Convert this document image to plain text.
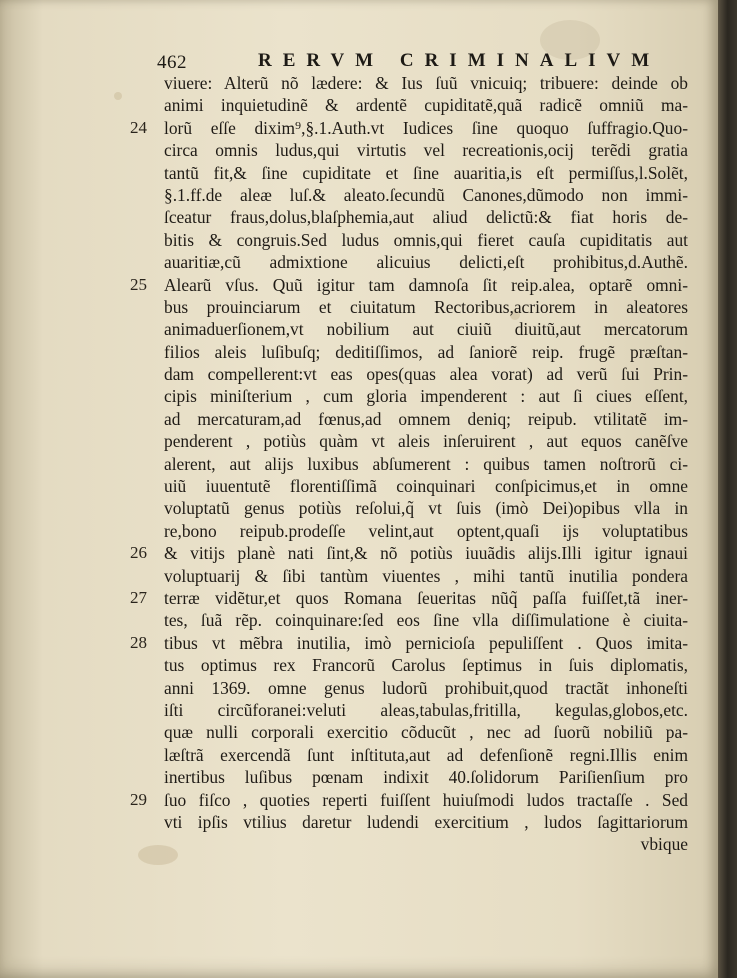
462	RERVM CRIMINALIVM
viuere: Alterũ nõ lædere: & Ius ſuũ vnicuiq; tribuere: deinde ob
animi inquietudinẽ & ardentẽ cupiditatẽ,quã radicẽ omniũ ma-
lorũ eſſe dixim⁹,§.1.Auth.vt Iudices ſine quoquo ſuffragio.Quo-
24
circa omnis ludus,qui virtutis vel recreationis,ocij terẽdi gratia
tantũ fit,& ſine cupiditate et ſine auaritia,is eſt permiſſus,l.Solẽt,
§.1.ff.de aleæ luſ.& aleato.ſecundũ Canones,dũmodo non immi-
ſceatur fraus,dolus,blaſphemia,aut aliud delictũ:& fiat horis de-
bitis & congruis.Sed ludus omnis,qui fieret cauſa cupiditatis aut
auaritiæ,cũ admixtione alicuius delicti,eſt prohibitus,d.Authẽ.
Alearũ vſus. Quũ igitur tam damnoſa ſit reip.alea, optarẽ omni-
25
bus prouinciarum et ciuitatum Rectoribus,acriorem in aleatores
animaduerſionem,vt nobilium aut ciuiũ diuitũ,aut mercatorum
filios aleis luſibuſq; deditiſſimos, ad ſaniorẽ reip. frugẽ præſtan-
dam compellerent:vt eas opes(quas alea vorat) ad verũ ſui Prin-
cipis miniſterium , cum gloria impenderent : aut ſi ciues eſſent,
ad mercaturam,ad fœnus,ad omnem deniq; reipub. vtilitatẽ im-
penderent , potiùs quàm vt aleis inſeruirent , aut equos canẽſve
alerent, aut alijs luxibus abſumerent : quibus tamen noſtrorũ ci-
uiũ iuuentutẽ florentiſſimã coinquinari conſpicimus,et in omne
voluptatũ genus potiùs reſolui,q̃ vt ſuis (imò Dei)opibus vlla in
re,bono reipub.prodeſſe velint,aut optent,quaſi ijs voluptatibus
& vitijs planè nati ſint,& nõ potiùs iuuãdis alijs.Illi igitur ignaui
26
voluptuarij & ſibi tantùm viuentes , mihi tantũ inutilia pondera
terræ vidẽtur,et quos Romana ſeueritas nũq̃ paſſa fuiſſet,tã iner-
27
tes, ſuã rẽp. coinquinare:ſed eos ſine vlla diſſimulatione è ciuita-
tibus vt mẽbra inutilia, imò pernicioſa pepuliſſent . Quos imita-
28
tus optimus rex Francorũ Carolus ſeptimus in ſuis diplomatis,
anni 1369. omne genus ludorũ prohibuit,quod tractãt inhoneſti
iſti circũforanei:veluti aleas,tabulas,fritilla, kegulas,globos,etc.
quæ nulli corporali exercitio cõducũt , nec ad ſuorũ nobiliũ pa-
læſtrã exercendã ſunt inſtituta,aut ad defenſionẽ regni.Illis enim
inertibus luſibus pœnam indixit 40.ſolidorum Pariſienſium pro
ſuo fiſco , quoties reperti fuiſſent huiuſmodi ludos tractaſſe . Sed
29
vti ipſis vtilius daretur ludendi exercitium , ludos ſagittariorum
vbique
